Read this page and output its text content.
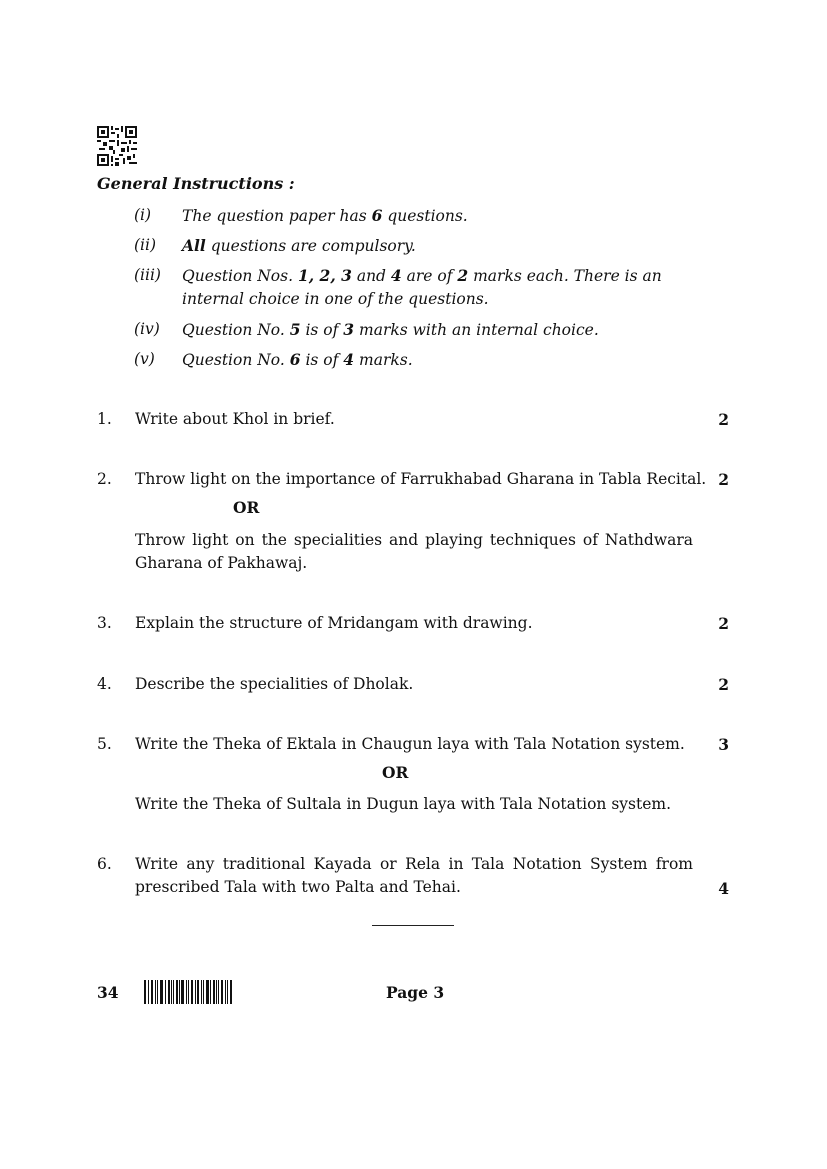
General Instructions :
(i) The question paper has 6 questions.
(ii) All questions are compulsory.
(iii) Question Nos. 1, 2, 3 and 4 are of 2 marks each. There is an internal choice in one of the questions.
(iv) Question No. 5 is of 3 marks with an internal choice.
(v) Question No. 6 is of 4 marks.
1. Write about Khol in brief.	2
2. Throw light on the importance of Farrukhabad Gharana in Tabla Recital. 2
OR
Throw light on the specialities and playing techniques of Nathdwara Gharana of Pakhawaj.
3. Explain the structure of Mridangam with drawing.	2
4. Describe the specialities of Dholak.	2
5. Write the Theka of Ektala in Chaugun laya with Tala Notation system.	3
OR
Write the Theka of Sultala in Dugun laya with Tala Notation system.
6. Write any traditional Kayada or Rela in Tala Notation System from prescribed Tala with two Palta and Tehai.	4
34	Page 3
